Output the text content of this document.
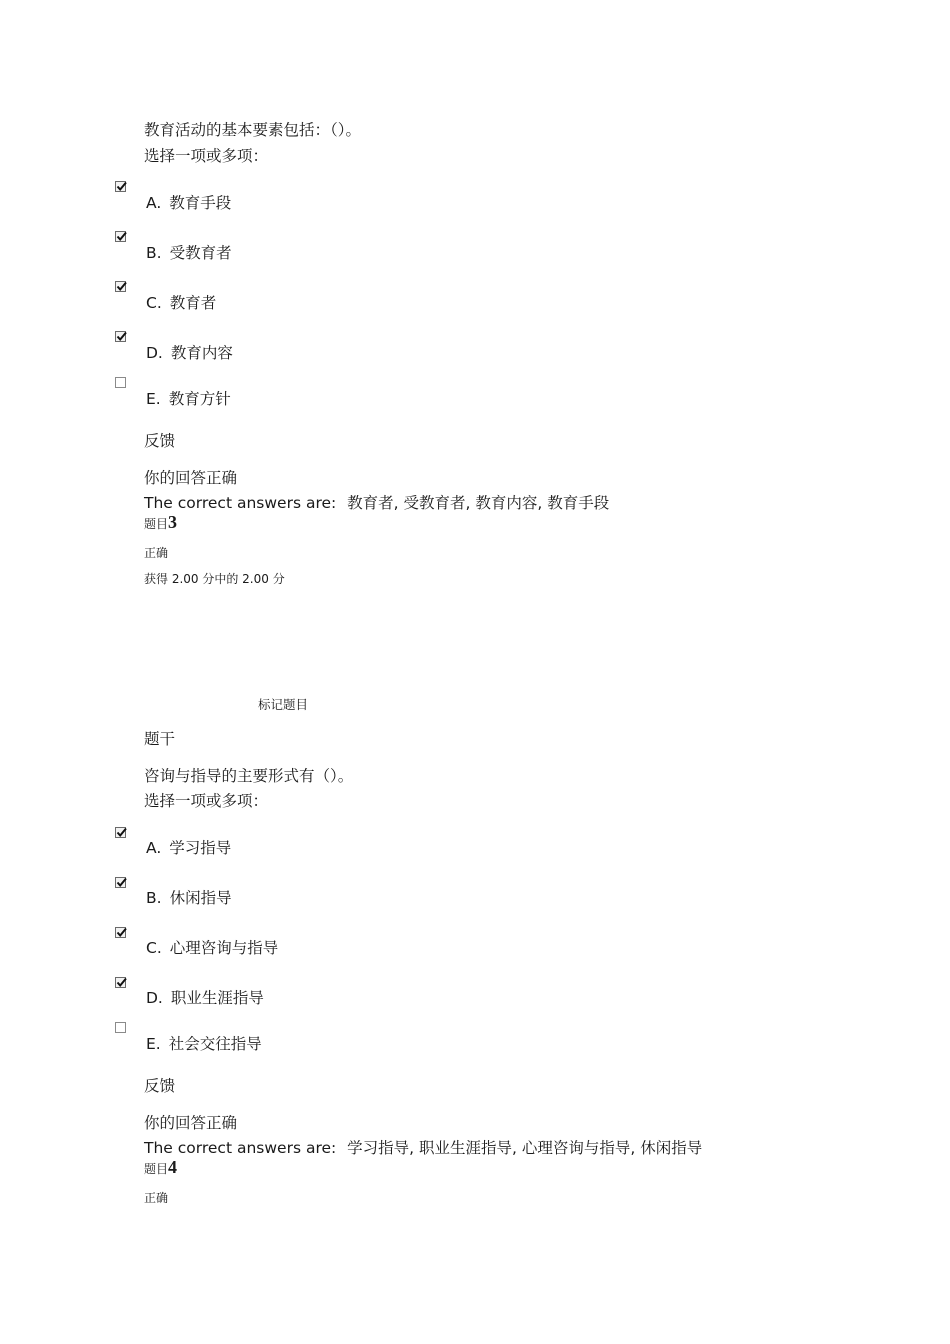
教育活动的基本要素包括：（）。
选择一项或多项：
A. 教育手段
B. 受教育者
C. 教育者
D. 教育内容
E. 教育方针
反馈
你的回答正确
The correct answers are: 教育者, 受教育者, 教育内容, 教育手段
题目3
正确
获得 2.00 分中的 2.00 分
标记题目
题干
咨询与指导的主要形式有（）。
选择一项或多项：
A. 学习指导
B. 休闲指导
C. 心理咨询与指导
D. 职业生涯指导
E. 社会交往指导
反馈
你的回答正确
The correct answers are: 学习指导, 职业生涯指导, 心理咨询与指导, 休闲指导
题目4
正确
